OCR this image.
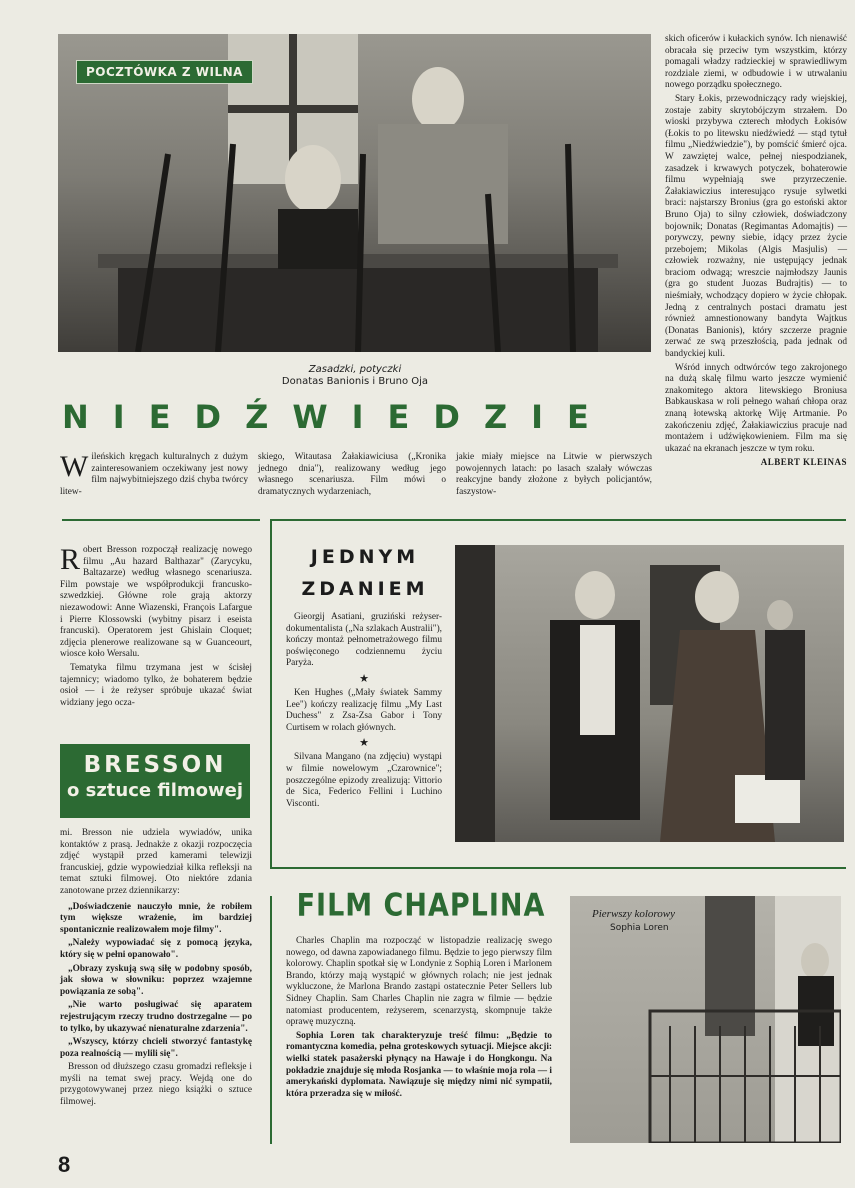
POCZTÓWKA Z WILNA
Zasadzki, potyczki
Donatas Banionis i Bruno Oja
NIEDŹWIEDZIE
Wileńskich kręgach kulturalnych z dużym zainteresowaniem oczekiwany jest nowy film najwybitniejszego dziś chyba twórcy litew-
skiego, Witautasa Żałakiawiciusa („Kronika jednego dnia"), realizowany według jego własnego scenariusza. Film mówi o dramatycznych wydarzeniach,
jakie miały miejsce na Litwie w pierwszych powojennych latach: po lasach szalały wówczas reakcyjne bandy złożone z byłych policjantów, faszystow-

skich oficerów i kułackich synów. Ich nienawiść obracała się przeciw tym wszystkim, którzy pomagali władzy radzieckiej w sprawiedliwym rozdziale ziemi, w odbudowie i w utrwalaniu nowego porządku społecznego.

Stary Łokis, przewodniczący rady wiejskiej, zostaje zabity skrytobójczym strzałem. Do wioski przybywa czterech młodych Łokisów (Łokis to po litewsku niedźwiedź — stąd tytuł filmu „Niedźwiedzie"), by pomścić śmierć ojca. W zawziętej walce, pełnej niespodzianek, zasadzek i krwawych potyczek, bohaterowie filmu wypełniają swe przyrzeczenie. Żałakiawiczius interesująco rysuje sylwetki braci: najstarszy Bronius (gra go estoński aktor Bruno Oja) to silny człowiek, doświadczony bojownik; Donatas (Regimantas Adomajtis) — porywczy, pewny siebie, idący przez życie przebojem; Mikolas (Algis Masjulis) — człowiek rozważny, nie ustępujący jednak braciom odwagą; wreszcie najmłodszy Jaunis (gra go student Juozas Budrajtis) — to nieśmiały, wchodzący dopiero w życie chłopak. Jedną z centralnych postaci dramatu jest również amnestionowany bandyta Wajtkus (Donatas Banionis), który szczerze pragnie zerwać ze swą przeszłością, pada jednak od bandyckiej kuli.

Wśród innych odtwórców tego zakrojonego na dużą skalę filmu warto jeszcze wymienić znakomitego aktora litewskiego Broniusa Babkauskasa w roli pełnego wahań chłopa oraz znaną łotewską aktorkę Wiję Artmanie. Po zakończeniu zdjęć, Żałakiawiczius pracuje nad montażem i udźwiękowieniem. Film ma się ukazać na ekranach jeszcze w tym roku.

ALBERT KLEINAS

Robert Bresson rozpoczął realizację nowego filmu „Au hazard Balthazar" (Zarycyku, Baltazarze) według własnego scenariusza. Film powstaje we współprodukcji francusko-szwedzkiej. Główne role grają aktorzy niezawodowi: Anne Wiazenski, François Lafargue i Pierre Klossowski (wybitny pisarz i eseista francuski). Operatorem jest Ghislain Cloquet; zdjęcia plenerowe realizowane są w Guanceourt, wiosce koło Wersalu.

Tematyka filmu trzymana jest w ścisłej tajemnicy; wiadomo tylko, że bohaterem będzie osioł — i że reżyser spróbuje ukazać świat widziany jego ocza-

BRESSON
o sztuce filmowej

mi. Bresson nie udziela wywiadów, unika kontaktów z prasą. Jednakże z okazji rozpoczęcia zdjęć wystąpił przed kamerami telewizji francuskiej, gdzie wypowiedział kilka refleksji na temat sztuki filmowej. Oto niektóre zdania zanotowane przez dziennikarzy:

„Doświadczenie nauczyło mnie, że robiłem tym większe wrażenie, im bardziej spontanicznie realizowałem moje filmy".

„Należy wypowiadać się z pomocą języka, który się w pełni opanowało".

„Obrazy zyskują swą siłę w podobny sposób, jak słowa w słowniku: poprzez wzajemne powiązania ze sobą".

„Nie warto posługiwać się aparatem rejestrującym rzeczy trudno dostrzegalne — po to tylko, by ukazywać nienaturalne zdarzenia".

„Wszyscy, którzy chcieli stworzyć fantastykę poza realnością — mylili się".

Bresson od dłuższego czasu gromadzi refleksje i myśli na temat swej pracy. Wejdą one do przygotowywanej przez niego książki o sztuce filmowej.

JEDNYM
ZDANIEM

Gieorgij Asatiani, gruziński reżyser-dokumentalista („Na szlakach Australii"), kończy montaż pełnometrażowego filmu poświęconego codziennemu życiu Paryża.

★

Ken Hughes („Mały światek Sammy Lee") kończy realizację filmu „My Last Duchess" z Zsa-Zsa Gabor i Tony Curtisem w rolach głównych.

★

Silvana Mangano (na zdjęciu) wystąpi w filmie nowelowym „Czarownice"; poszczególne epizody zrealizują: Vittorio de Sica, Federico Fellini i Luchino Visconti.

FILM CHAPLINA

Charles Chaplin ma rozpocząć w listopadzie realizację swego nowego, od dawna zapowiadanego filmu. Będzie to jego pierwszy film kolorowy. Chaplin spotkał się w Londynie z Sophią Loren i Marlonem Brando, którzy mają wystąpić w głównych rolach; nie jest jednak wykluczone, że Marlona Brando zastąpi ostatecznie Peter Sellers lub Sidney Chaplin. Sam Charles Chaplin nie zagra w filmie — będzie natomiast producentem, reżyserem, scenarzystą, skompnuje także oprawę muzyczną.

Sophia Loren tak charakteryzuje treść filmu: „Będzie to romantyczna komedia, pełna groteskowych sytuacji. Miejsce akcji: wielki statek pasażerski płynący na Hawaje i do Hongkongu. Na pokładzie znajduje się młoda Rosjanka — to właśnie moja rola — i amerykański dyplomata. Nawiązuje się między nimi nić sympatii, która przeradza się w miłość.

Pierwszy kolorowy
Sophia Loren
8
